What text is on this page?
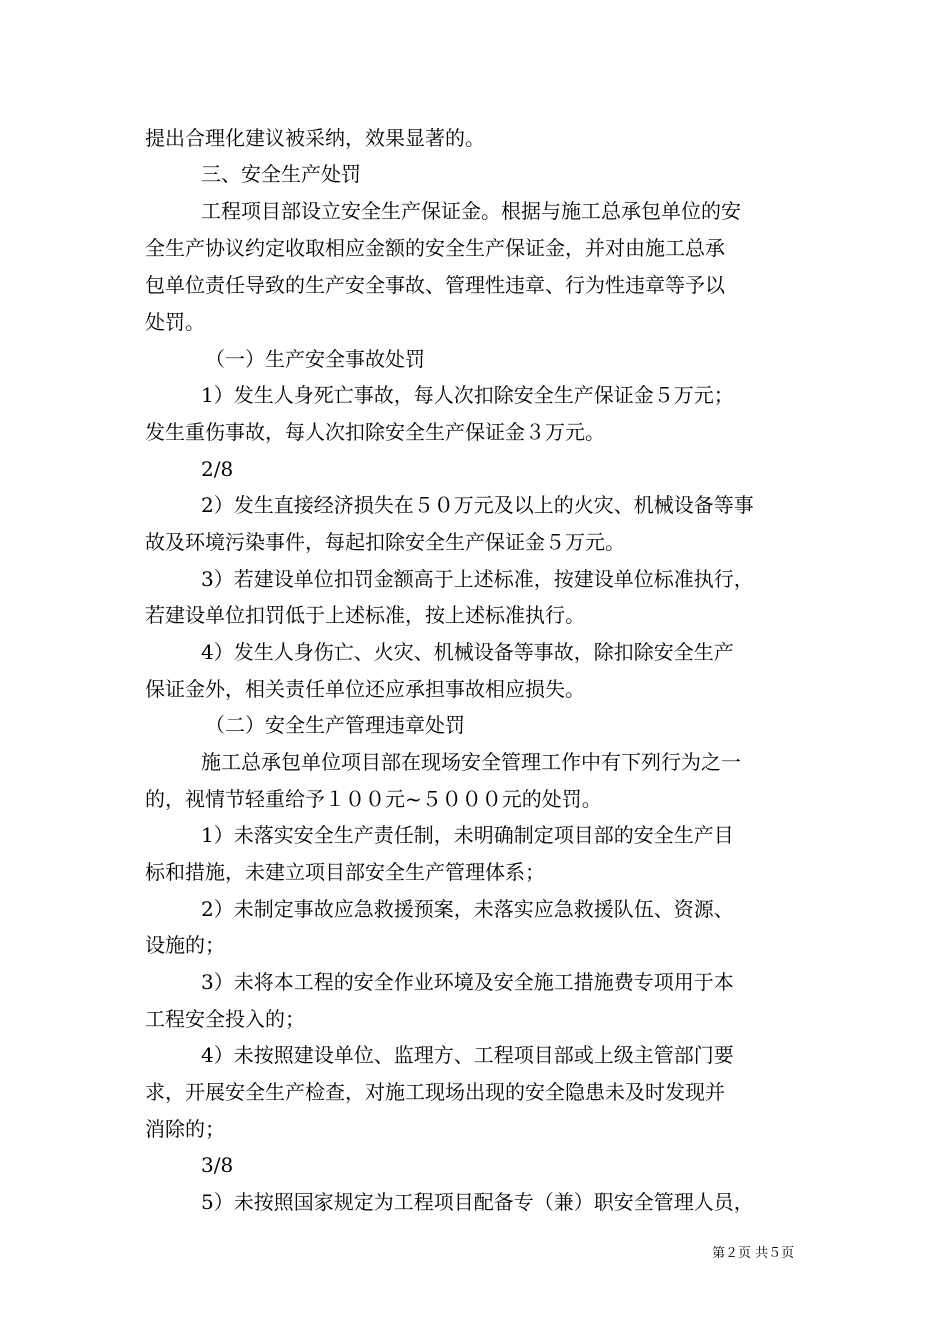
提出合理化建议被采纳，效果显著的。
三、安全生产处罚
工程项目部设立安全生产保证金。根据与施工总承包单位的安
全生产协议约定收取相应金额的安全生产保证金，并对由施工总承
包单位责任导致的生产安全事故、管理性违章、行为性违章等予以
处罚。
（一）生产安全事故处罚
1）发生人身死亡事故，每人次扣除安全生产保证金５万元；
发生重伤事故，每人次扣除安全生产保证金３万元。
2/8
2）发生直接经济损失在５０万元及以上的火灾、机械设备等事
故及环境污染事件，每起扣除安全生产保证金５万元。
3）若建设单位扣罚金额高于上述标准，按建设单位标准执行，
若建设单位扣罚低于上述标准，按上述标准执行。
4）发生人身伤亡、火灾、机械设备等事故，除扣除安全生产
保证金外，相关责任单位还应承担事故相应损失。
（二）安全生产管理违章处罚
施工总承包单位项目部在现场安全管理工作中有下列行为之一
的，视情节轻重给予１００元~５０００元的处罚。
1）未落实安全生产责任制，未明确制定项目部的安全生产目
标和措施，未建立项目部安全生产管理体系；
2）未制定事故应急救援预案，未落实应急救援队伍、资源、
设施的；
3）未将本工程的安全作业环境及安全施工措施费专项用于本
工程安全投入的；
4）未按照建设单位、监理方、工程项目部或上级主管部门要
求，开展安全生产检查，对施工现场出现的安全隐患未及时发现并
消除的；
3/8
5）未按照国家规定为工程项目配备专（兼）职安全管理人员，
第２页 共５页
